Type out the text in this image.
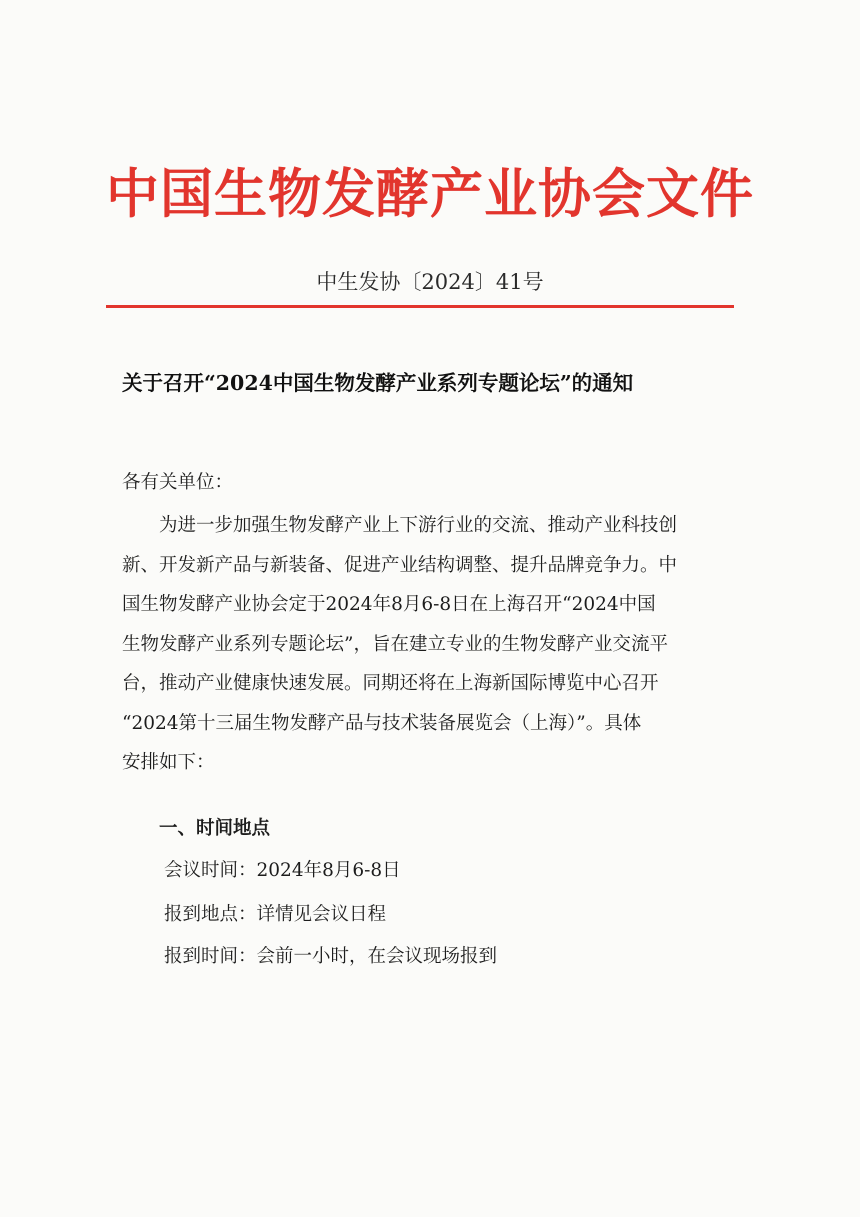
中国生物发酵产业协会文件
中生发协〔2024〕41号
关于召开“2024中国生物发酵产业系列专题论坛”的通知
各有关单位：
为进一步加强生物发酵产业上下游行业的交流、推动产业科技创
新、开发新产品与新装备、促进产业结构调整、提升品牌竞争力。中
国生物发酵产业协会定于2024年8月6-8日在上海召开“2024中国
生物发酵产业系列专题论坛”，旨在建立专业的生物发酵产业交流平
台，推动产业健康快速发展。同期还将在上海新国际博览中心召开
“2024第十三届生物发酵产品与技术装备展览会（上海）”。具体
安排如下：
一、时间地点
会议时间：2024年8月6-8日
报到地点：详情见会议日程
报到时间：会前一小时，在会议现场报到
